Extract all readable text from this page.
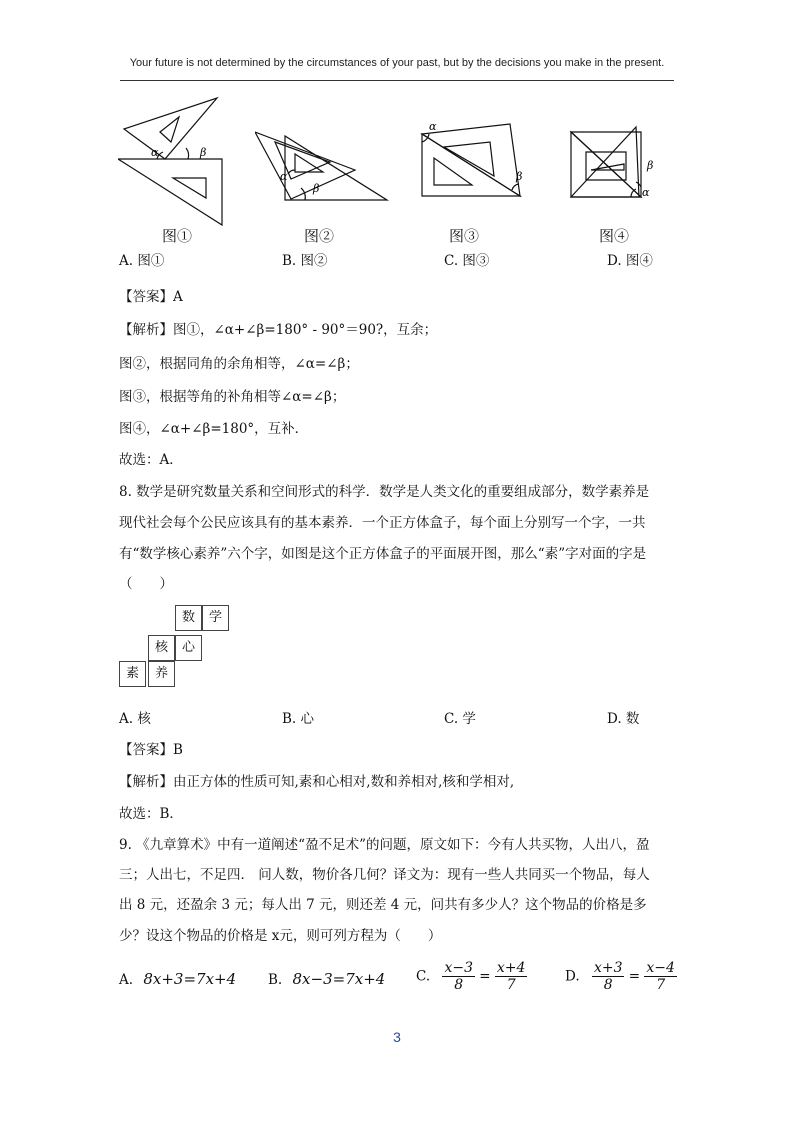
Your future is not determined by the circumstances of your past, but by the decisions you make in the present.
α	β
α
β
α
β
α
β
图①	图②	图③	图④
A. 图①	B. 图②	C. 图③	D. 图④
【答案】A
【解析】图①，∠α+∠β=180° - 90°＝90?，互余；
图②，根据同角的余角相等，∠α=∠β；
图③，根据等角的补角相等∠α=∠β；
图④，∠α+∠β=180°，互补．
故选：A．
8. 数学是研究数量关系和空间形式的科学．数学是人类文化的重要组成部分，数学素养是
现代社会每个公民应该具有的基本素养．一个正方体盒子，每个面上分别写一个字，一共
有“数学核心素养”六个字，如图是这个正方体盒子的平面展开图，那么“素”字对面的字是
（　　）
数	学
核	心
素	养
A. 核	B. 心	C. 学	D. 数
【答案】B
【解析】由正方体的性质可知,素和心相对,数和养相对,核和学相对,
故选：B．
9. 《九章算术》中有一道阐述“盈不足术”的问题，原文如下：今有人共买物，人出八，盈
三；人出七，不足四． 问人数，物价各几何？译文为：现有一些人共同买一个物品，每人
出 8 元，还盈余 3 元；每人出 7 元，则还差 4 元，问共有多少人？这个物品的价格是多
少？设这个物品的价格是 x元，则可列方程为（　　）
A. 8x+3=7x+4 B. 8x−3=7x+4 C. $\frac{x-3}{8} = \frac{x+4}{7}$	D. $\frac{x+3}{8} = \frac{x-4}{7}$
3
